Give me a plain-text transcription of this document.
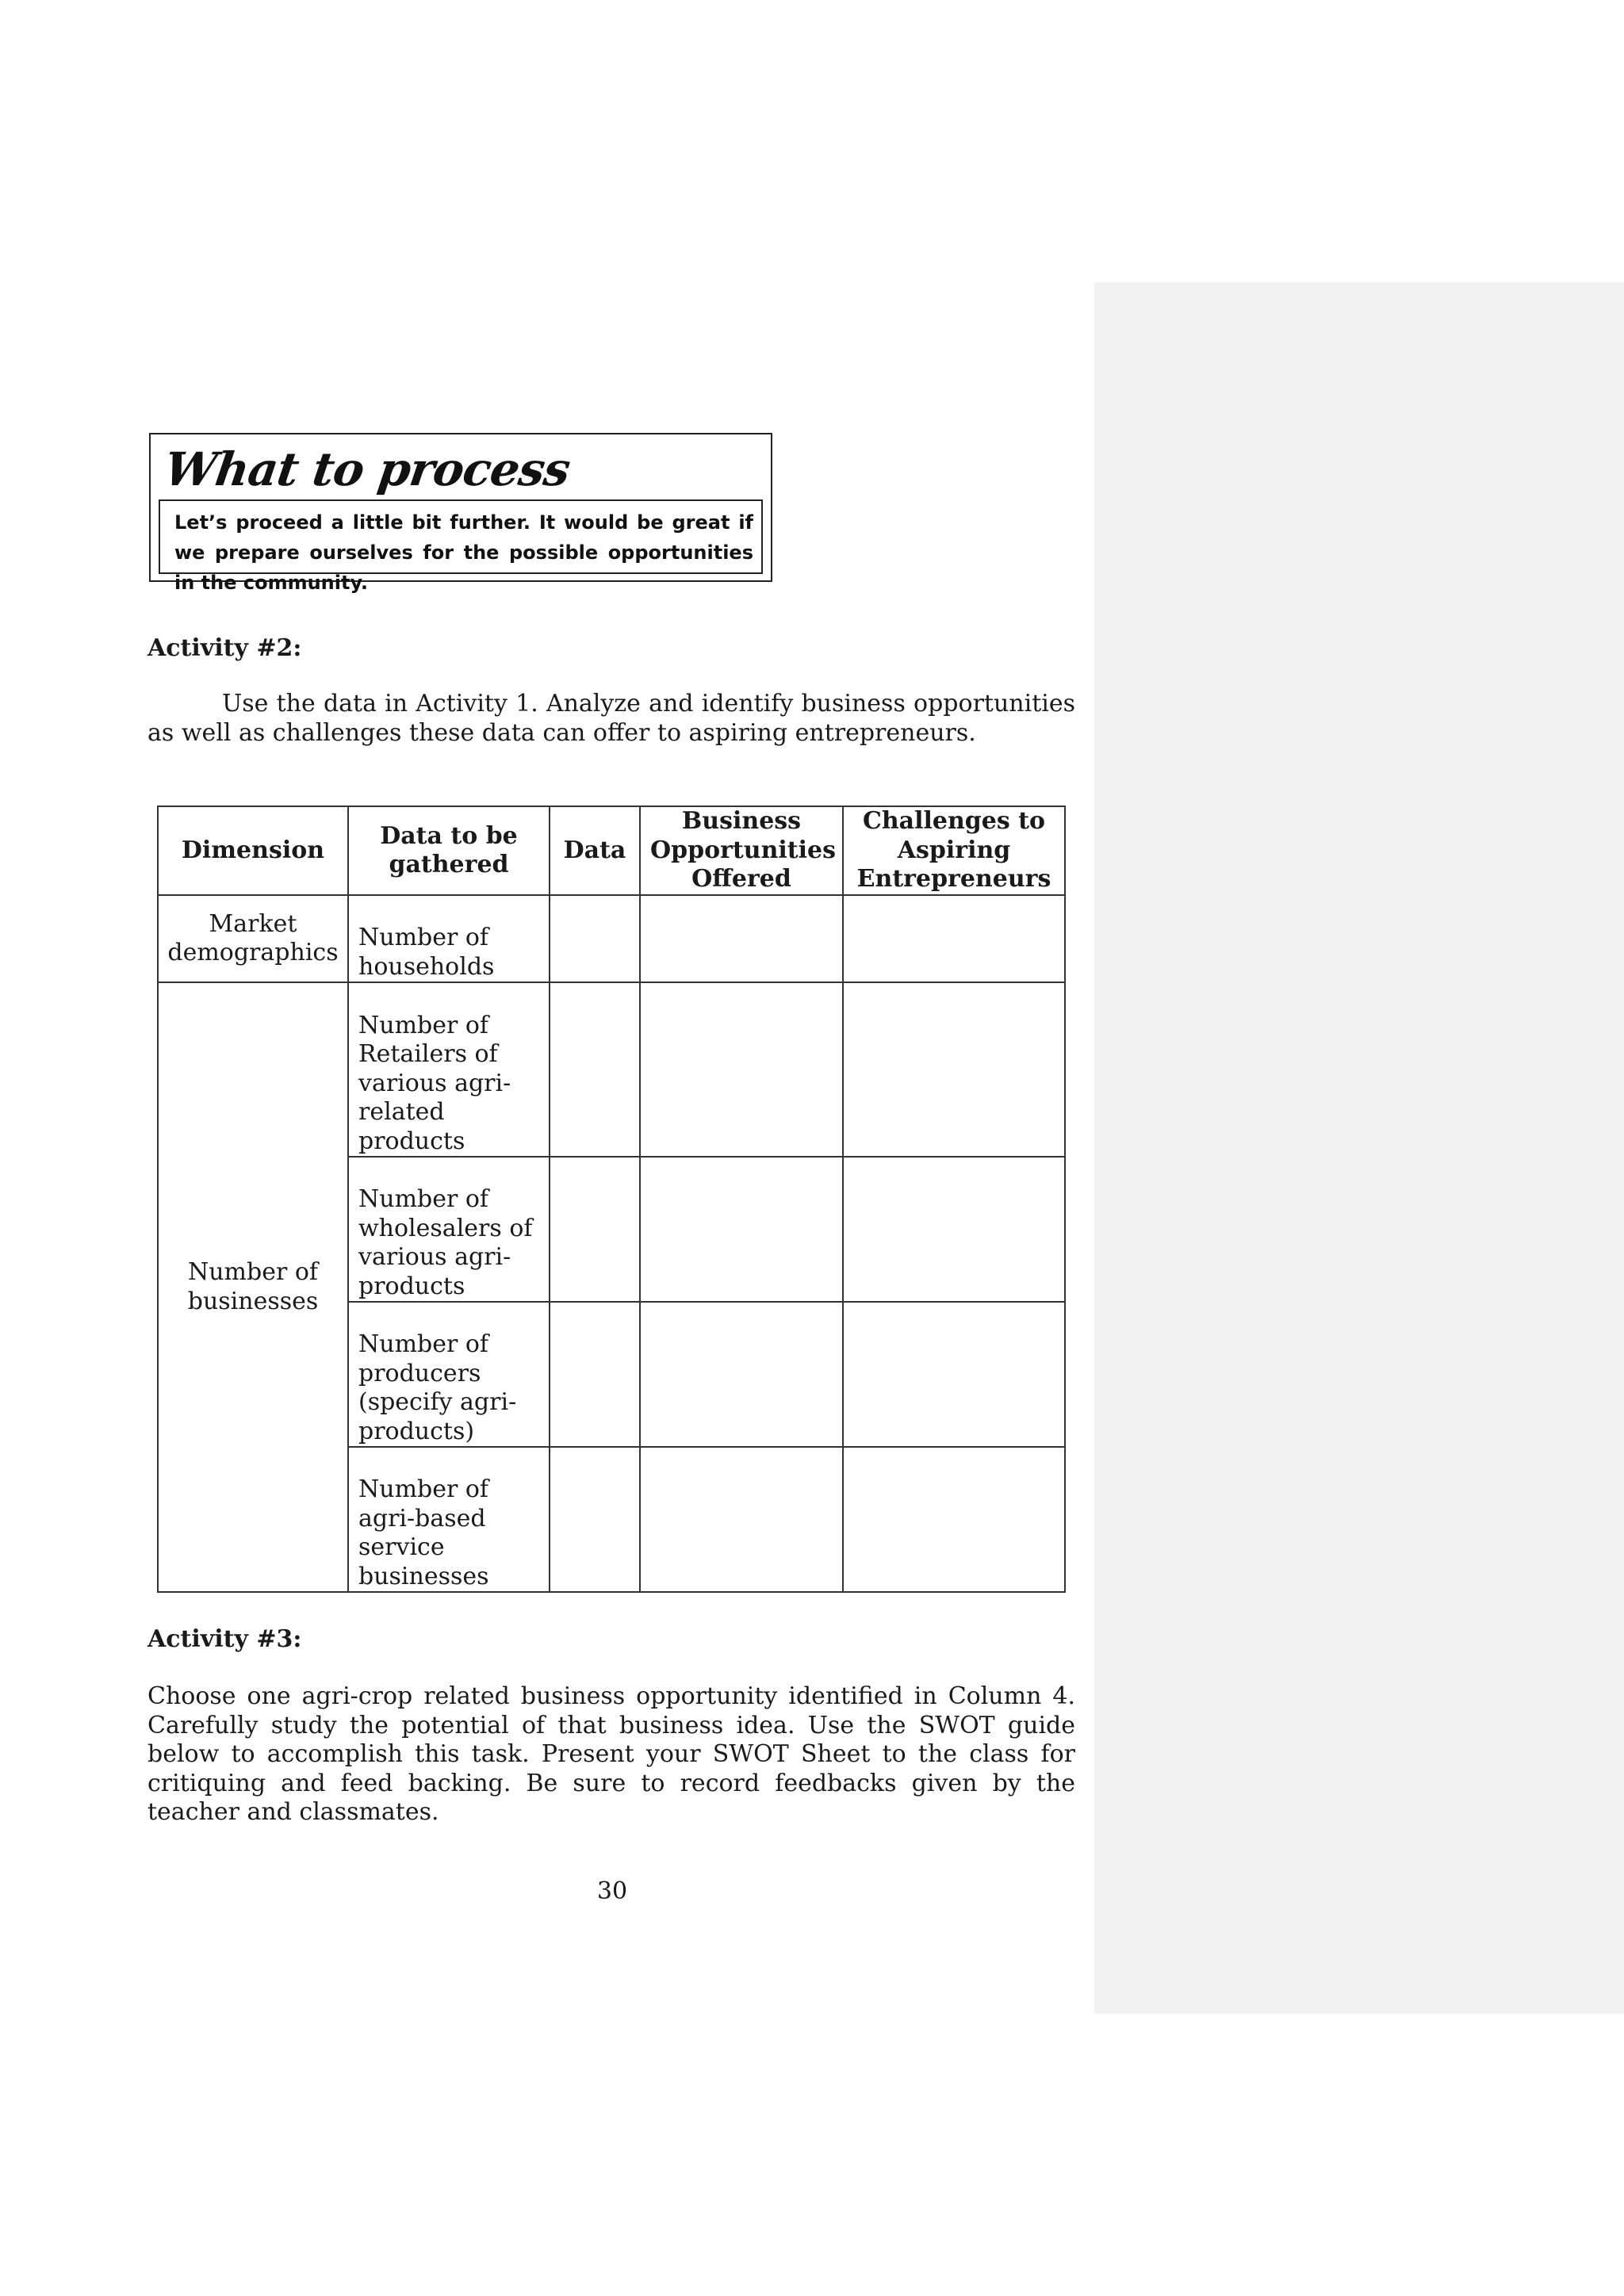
What to process
Let’s proceed a little bit further. It would be great if we prepare ourselves for the possible opportunities in the community.
Activity #2:
Use the data in Activity 1. Analyze and identify business opportunities as well as challenges these data can offer to aspiring entrepreneurs.
Dimension	Data to be gathered	Data	Business Opportunities Offered	Challenges to Aspiring Entrepreneurs
Market demographics	Number of households			
Number of businesses	Number of Retailers of various agri-related products			
	Number of wholesalers of various agri-products			
	Number of producers (specify agri-products)			
	Number of agri-based service businesses			
Activity #3:
Choose one agri-crop related business opportunity identified in Column 4. Carefully study the potential of that business idea. Use the SWOT guide below to accomplish this task. Present your SWOT Sheet to the class for critiquing and feed backing. Be sure to record feedbacks given by the teacher and classmates.
30
